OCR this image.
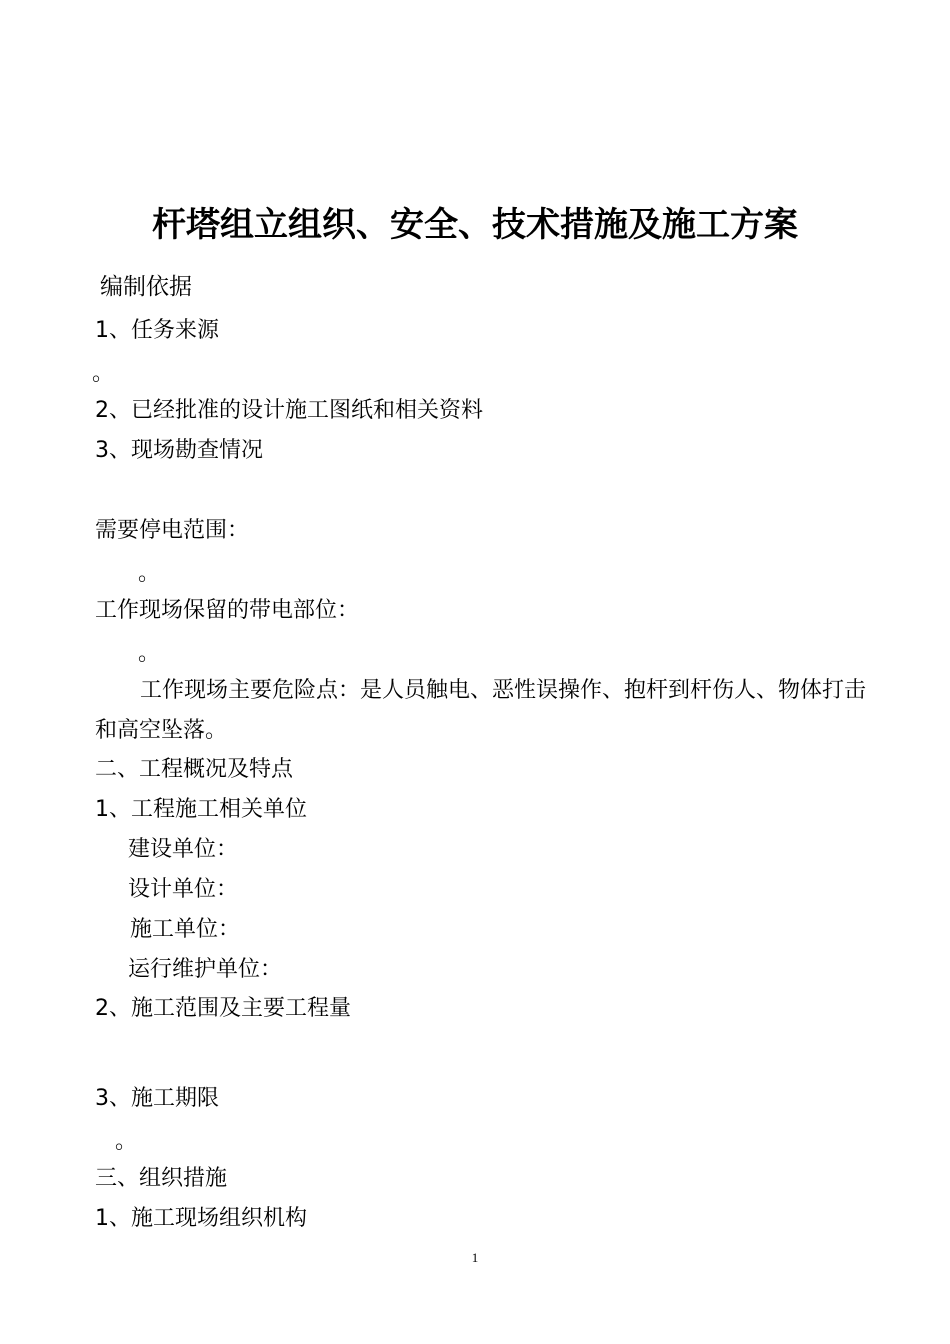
杆塔组立组织、安全、技术措施及施工方案
编制依据
1、任务来源
。
2、已经批准的设计施工图纸和相关资料
3、现场勘查情况
需要停电范围：
。
工作现场保留的带电部位：
。
工作现场主要危险点：是人员触电、恶性误操作、抱杆到杆伤人、物体打击
和高空坠落。
二、工程概况及特点
1、工程施工相关单位
建设单位：
设计单位：
施工单位：
运行维护单位：
2、施工范围及主要工程量
3、施工期限
。
三、组织措施
1、施工现场组织机构
1
